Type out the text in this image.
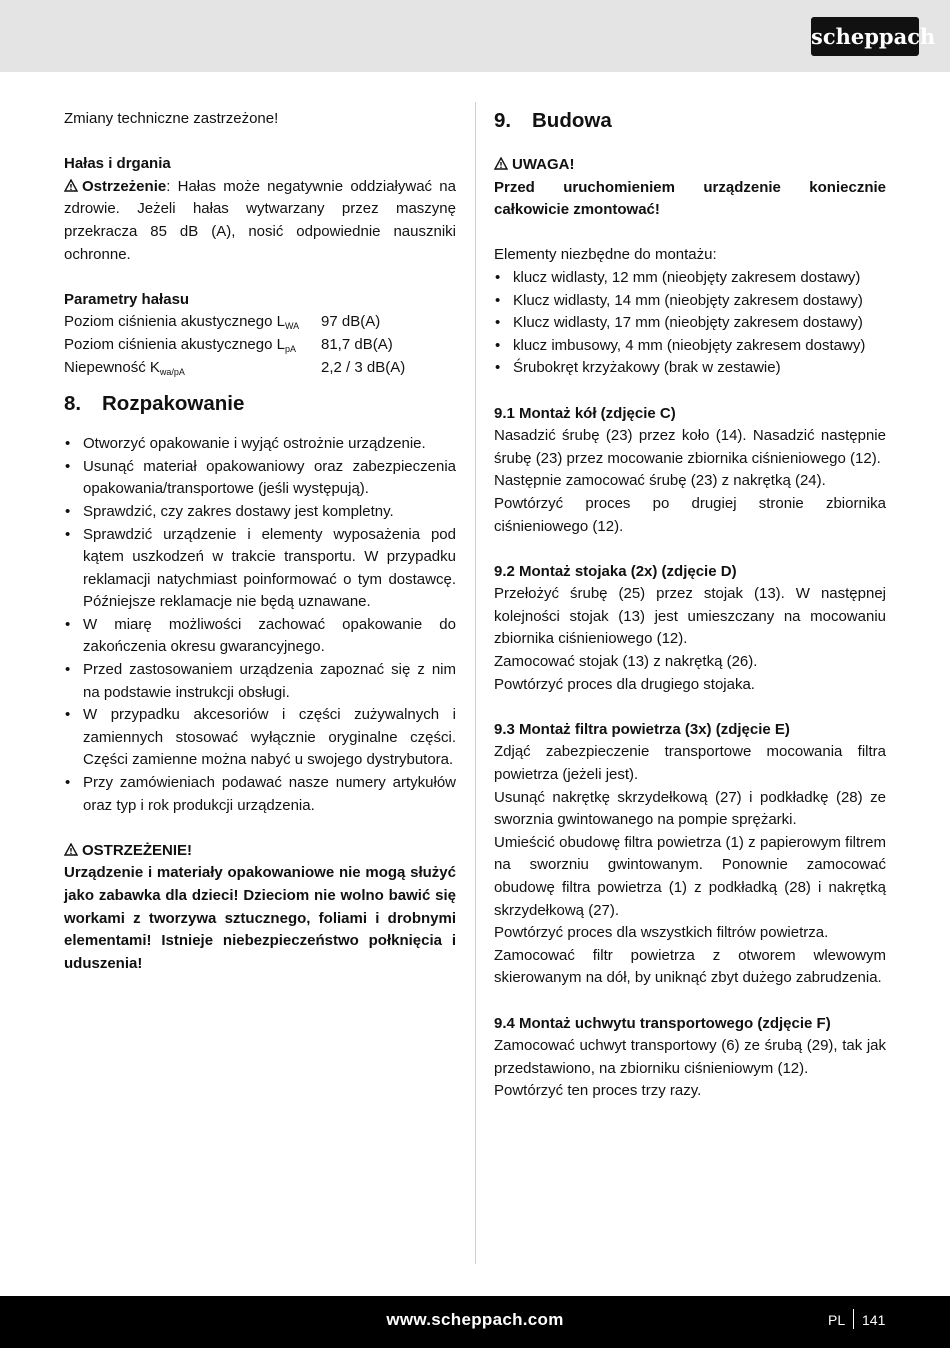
scheppach

Zmiany techniczne zastrzeżone!

Hałas i drgania

Ostrzeżenie: Hałas może negatywnie oddziaływać na zdrowie. Jeżeli hałas wytwarzany przez maszynę przekracza 85 dB (A), nosić odpowiednie nauszniki ochronne.

Parametry hałasu

Poziom ciśnienia akustycznego $L_{WA}$ 97 dB(A)
Poziom ciśnienia akustycznego $L_{pA}$ 81,7 dB(A)
Niepewność $K_{wa/pA}$	2,2 / 3 dB(A)
8. Rozpakowanie
• Otworzyć opakowanie i wyjąć ostrożnie urządzenie.
• Usunąć materiał opakowaniowy oraz zabezpieczenia opakowania/transportowe (jeśli występują).
• Sprawdzić, czy zakres dostawy jest kompletny.
• Sprawdzić urządzenie i elementy wyposażenia pod kątem uszkodzeń w trakcie transportu. W przypadku reklamacji natychmiast poinformować o tym dostawcę. Późniejsze reklamacje nie będą uznawane.
• W miarę możliwości zachować opakowanie do zakończenia okresu gwarancyjnego.
• Przed zastosowaniem urządzenia zapoznać się z nim na podstawie instrukcji obsługi.
• W przypadku akcesoriów i części zużywalnych i zamiennych stosować wyłącznie oryginalne części. Części zamienne można nabyć u swojego dystrybutora.
• Przy zamówieniach podawać nasze numery artykułów oraz typ i rok produkcji urządzenia.

OSTRZEŻENIE!

Urządzenie i materiały opakowaniowe nie mogą służyć jako zabawka dla dzieci! Dzieciom nie wolno bawić się workami z tworzywa sztucznego, foliami i drobnymi elementami! Istnieje niebezpieczeństwo połknięcia i uduszenia!

9. Budowa

UWAGA!

Przed uruchomieniem urządzenie koniecznie całkowicie zmontować!

Elementy niezbędne do montażu:

• klucz widlasty, 12 mm (nieobjęty zakresem dostawy)
• Klucz widlasty, 14 mm (nieobjęty zakresem dostawy)
• Klucz widlasty, 17 mm (nieobjęty zakresem dostawy)
• klucz imbusowy, 4 mm (nieobjęty zakresem dostawy)
• Śrubokręt krzyżakowy (brak w zestawie)

9.1 Montaż kół (zdjęcie C)

Nasadzić śrubę (23) przez koło (14). Nasadzić następnie śrubę (23) przez mocowanie zbiornika ciśnieniowego (12).

Następnie zamocować śrubę (23) z nakrętką (24).

Powtórzyć proces po drugiej stronie zbiornika ciśnieniowego (12).

9.2 Montaż stojaka (2x) (zdjęcie D)

Przełożyć śrubę (25) przez stojak (13). W następnej kolejności stojak (13) jest umieszczany na mocowaniu zbiornika ciśnieniowego (12).

Zamocować stojak (13) z nakrętką (26).

Powtórzyć proces dla drugiego stojaka.

9.3 Montaż filtra powietrza (3x) (zdjęcie E)

Zdjąć zabezpieczenie transportowe mocowania filtra powietrza (jeżeli jest).

Usunąć nakrętkę skrzydełkową (27) i podkładkę (28) ze sworznia gwintowanego na pompie sprężarki.

Umieścić obudowę filtra powietrza (1) z papierowym filtrem na sworzniu gwintowanym. Ponownie zamocować obudowę filtra powietrza (1) z podkładką (28) i nakrętką skrzydełkową (27).

Powtórzyć proces dla wszystkich filtrów powietrza.

Zamocować filtr powietrza z otworem wlewowym skierowanym na dół, by uniknąć zbyt dużego zabrudzenia.

9.4 Montaż uchwytu transportowego (zdjęcie F)

Zamocować uchwyt transportowy (6) ze śrubą (29), tak jak przedstawiono, na zbiorniku ciśnieniowym (12).

Powtórzyć ten proces trzy razy.

www.scheppach.com	PL 141
